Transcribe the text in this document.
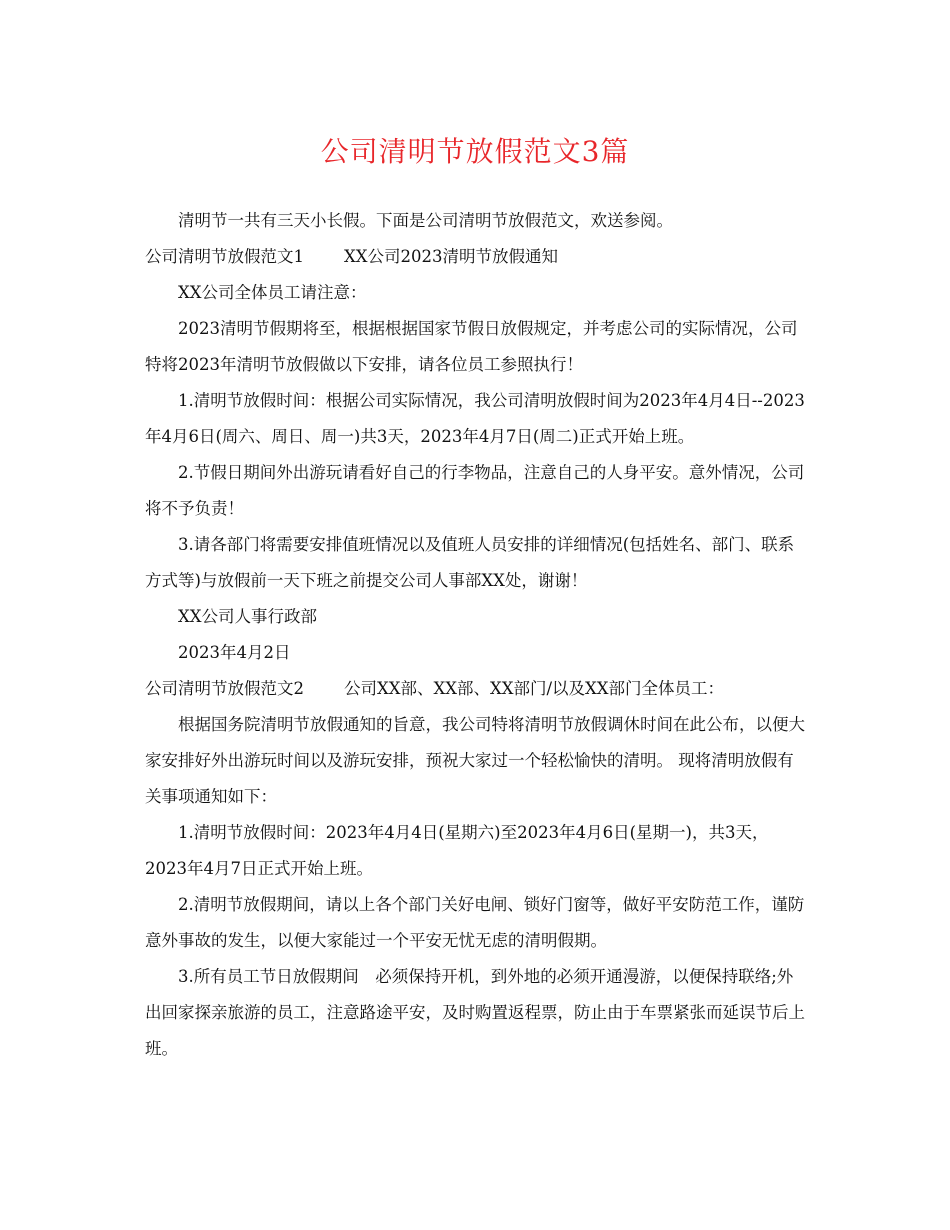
公司清明节放假范文3篇

清明节一共有三天小长假。下面是公司清明节放假范文，欢送参阅。

公司清明节放假范文1 XX公司2023清明节放假通知

XX公司全体员工请注意：

2023清明节假期将至，根据根据国家节假日放假规定，并考虑公司的实际情况，公司特将2023年清明节放假做以下安排，请各位员工参照执行！

1.清明节放假时间：根据公司实际情况，我公司清明放假时间为2023年4月4日--2023年4月6日(周六、周日、周一)共3天，2023年4月7日(周二)正式开始上班。

2.节假日期间外出游玩请看好自己的行李物品，注意自己的人身平安。意外情况，公司将不予负责！

3.请各部门将需要安排值班情况以及值班人员安排的详细情况(包括姓名、部门、联系方式等)与放假前一天下班之前提交公司人事部XX处，谢谢！

XX公司人事行政部

2023年4月2日

公司清明节放假范文2 公司XX部、XX部、XX部门/以及XX部门全体员工：

根据国务院清明节放假通知的旨意，我公司特将清明节放假调休时间在此公布，以便大家安排好外出游玩时间以及游玩安排，预祝大家过一个轻松愉快的清明。 现将清明放假有关事项通知如下：

1.清明节放假时间：2023年4月4日(星期六)至2023年4月6日(星期一)，共3天，2023年4月7日正式开始上班。

2.清明节放假期间，请以上各个部门关好电闸、锁好门窗等，做好平安防范工作，谨防意外事故的发生，以便大家能过一个平安无忧无虑的清明假期。

3.所有员工节日放假期间　必须保持开机，到外地的必须开通漫游，以便保持联络;外出回家探亲旅游的员工，注意路途平安，及时购置返程票，防止由于车票紧张而延误节后上班。
